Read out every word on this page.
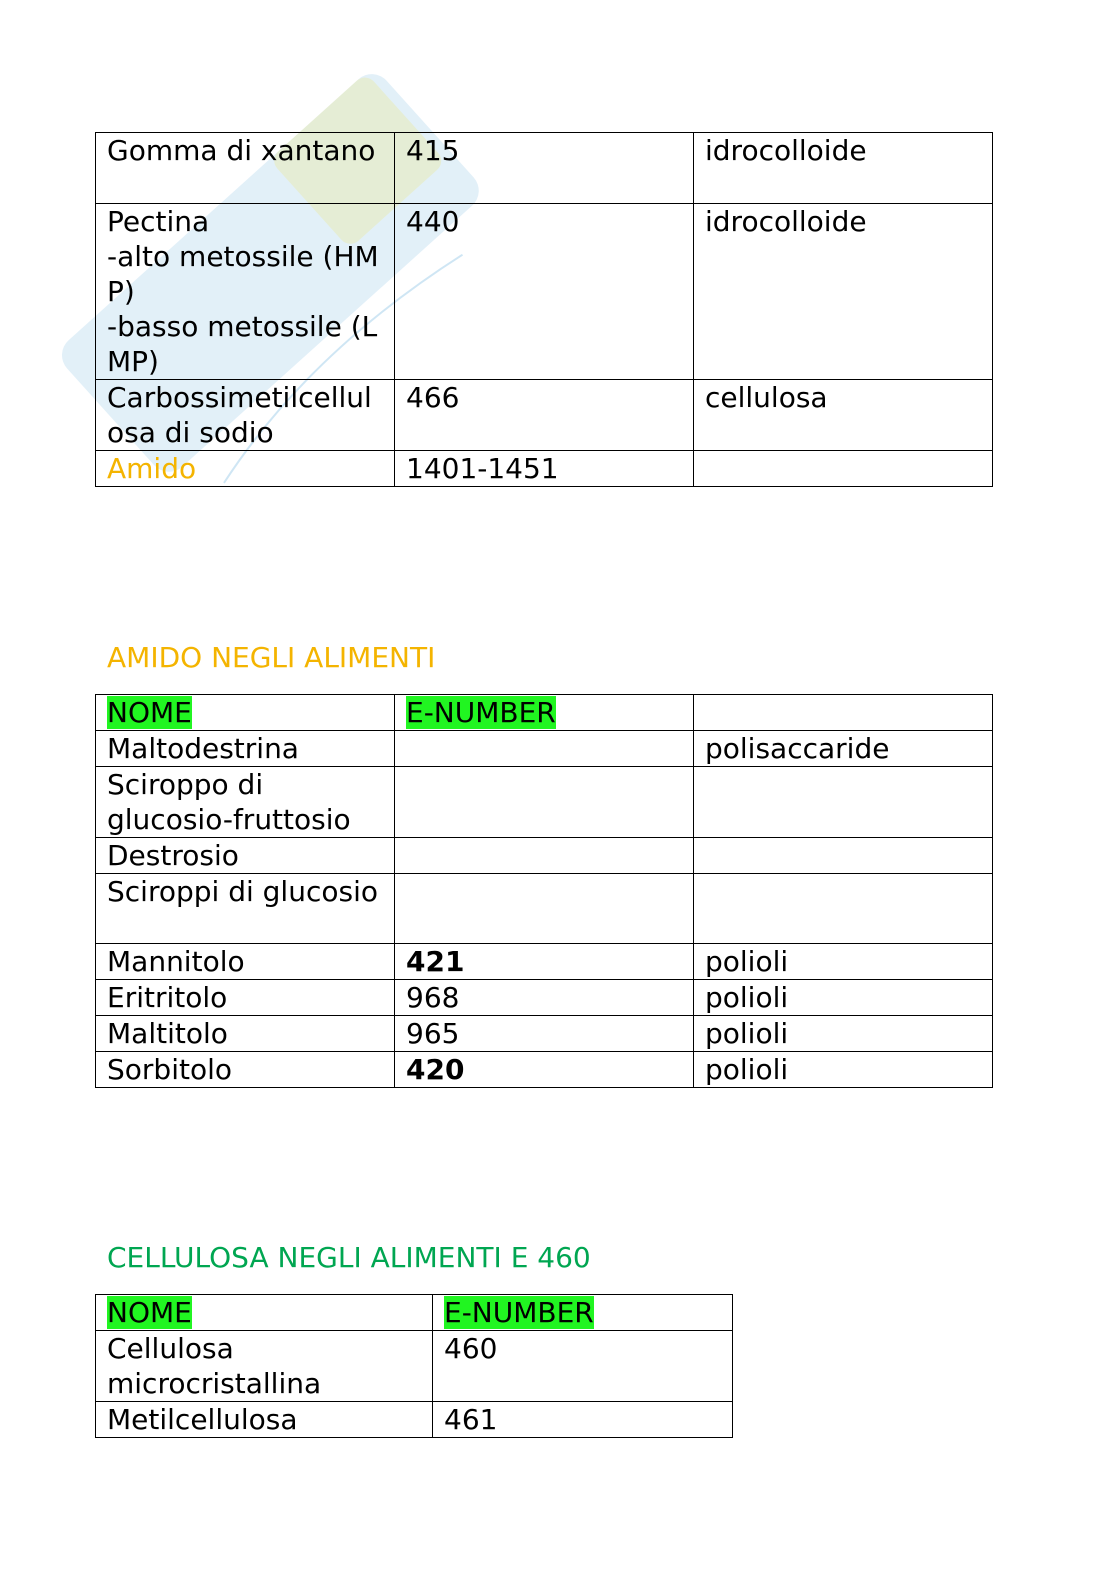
Gomma di xantano	415	idrocolloide
Pectina
-alto metossile (HMP)
-basso metossile (LMP)	440	idrocolloide
Carbossimetilcellulosa di sodio	466	cellulosa
Amido	1401-1451	
AMIDO NEGLI ALIMENTI
NOME	E-NUMBER	
Maltodestrina		polisaccaride
Sciroppo di glucosio-fruttosio		
Destrosio		
Sciroppi di glucosio		
Mannitolo	421	polioli
Eritritolo	968	polioli
Maltitolo	965	polioli
Sorbitolo	420	polioli
CELLULOSA NEGLI ALIMENTI E 460
NOME	E-NUMBER
Cellulosa microcristallina	460
Metilcellulosa	461
